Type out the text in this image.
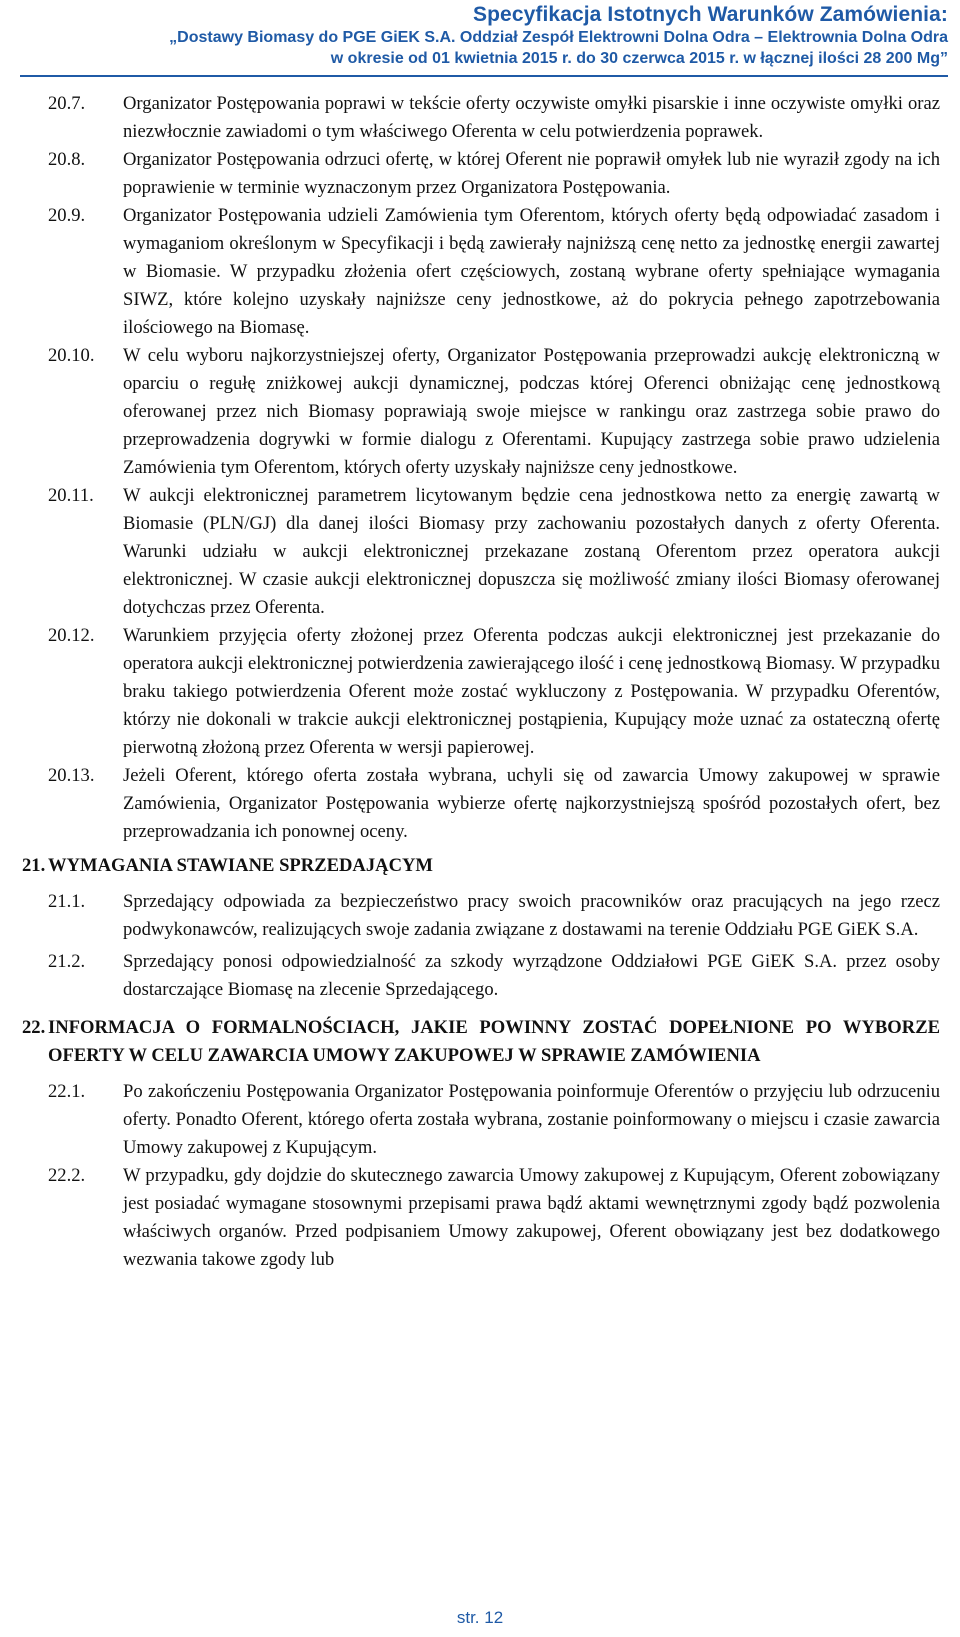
Specyfikacja Istotnych Warunków Zamówienia:
„Dostawy Biomasy do PGE GiEK S.A. Oddział Zespół Elektrowni Dolna Odra – Elektrownia Dolna Odra
w okresie od 01 kwietnia 2015 r. do 30 czerwca 2015 r. w łącznej ilości 28 200 Mg”
20.7. Organizator Postępowania poprawi w tekście oferty oczywiste omyłki pisarskie i inne oczywiste omyłki oraz niezwłocznie zawiadomi o tym właściwego Oferenta w celu potwierdzenia poprawek.
20.8. Organizator Postępowania odrzuci ofertę, w której Oferent nie poprawił omyłek lub nie wyraził zgody na ich poprawienie w terminie wyznaczonym przez Organizatora Postępowania.
20.9. Organizator Postępowania udzieli Zamówienia tym Oferentom, których oferty będą odpowiadać zasadom i wymaganiom określonym w Specyfikacji i będą zawierały najniższą cenę netto za jednostkę energii zawartej w Biomasie. W przypadku złożenia ofert częściowych, zostaną wybrane oferty spełniające wymagania SIWZ, które kolejno uzyskały najniższe ceny jednostkowe, aż do pokrycia pełnego zapotrzebowania ilościowego na Biomasę.
20.10. W celu wyboru najkorzystniejszej oferty, Organizator Postępowania przeprowadzi aukcję elektroniczną w oparciu o regułę zniżkowej aukcji dynamicznej, podczas której Oferenci obniżając cenę jednostkową oferowanej przez nich Biomasy poprawiają swoje miejsce w rankingu oraz zastrzega sobie prawo do przeprowadzenia dogrywki w formie dialogu z Oferentami. Kupujący zastrzega sobie prawo udzielenia Zamówienia tym Oferentom, których oferty uzyskały najniższe ceny jednostkowe.
20.11. W aukcji elektronicznej parametrem licytowanym będzie cena jednostkowa netto za energię zawartą w Biomasie (PLN/GJ) dla danej ilości Biomasy przy zachowaniu pozostałych danych z oferty Oferenta. Warunki udziału w aukcji elektronicznej przekazane zostaną Oferentom przez operatora aukcji elektronicznej. W czasie aukcji elektronicznej dopuszcza się możliwość zmiany ilości Biomasy oferowanej dotychczas przez Oferenta.
20.12. Warunkiem przyjęcia oferty złożonej przez Oferenta podczas aukcji elektronicznej jest przekazanie do operatora aukcji elektronicznej potwierdzenia zawierającego ilość i cenę jednostkową Biomasy. W przypadku braku takiego potwierdzenia Oferent może zostać wykluczony z Postępowania. W przypadku Oferentów, którzy nie dokonali w trakcie aukcji elektronicznej postąpienia, Kupujący może uznać za ostateczną ofertę pierwotną złożoną przez Oferenta w wersji papierowej.
20.13. Jeżeli Oferent, którego oferta została wybrana, uchyli się od zawarcia Umowy zakupowej w sprawie Zamówienia, Organizator Postępowania wybierze ofertę najkorzystniejszą spośród pozostałych ofert, bez przeprowadzania ich ponownej oceny.
21. WYMAGANIA STAWIANE SPRZEDAJĄCYM
21.1. Sprzedający odpowiada za bezpieczeństwo pracy swoich pracowników oraz pracujących na jego rzecz podwykonawców, realizujących swoje zadania związane z dostawami na terenie Oddziału PGE GiEK S.A.
21.2. Sprzedający ponosi odpowiedzialność za szkody wyrządzone Oddziałowi PGE GiEK S.A. przez osoby dostarczające Biomasę na zlecenie Sprzedającego.
22. INFORMACJA O FORMALNOŚCIACH, JAKIE POWINNY ZOSTAĆ DOPEŁNIONE PO WYBORZE OFERTY W CELU ZAWARCIA UMOWY ZAKUPOWEJ W SPRAWIE ZAMÓWIENIA
22.1. Po zakończeniu Postępowania Organizator Postępowania poinformuje Oferentów o przyjęciu lub odrzuceniu oferty. Ponadto Oferent, którego oferta została wybrana, zostanie poinformowany o miejscu i czasie zawarcia Umowy zakupowej z Kupującym.
22.2. W przypadku, gdy dojdzie do skutecznego zawarcia Umowy zakupowej z Kupującym, Oferent zobowiązany jest posiadać wymagane stosownymi przepisami prawa bądź aktami wewnętrznymi zgody bądź pozwolenia właściwych organów. Przed podpisaniem Umowy zakupowej, Oferent obowiązany jest bez dodatkowego wezwania takowe zgody lub
str. 12
